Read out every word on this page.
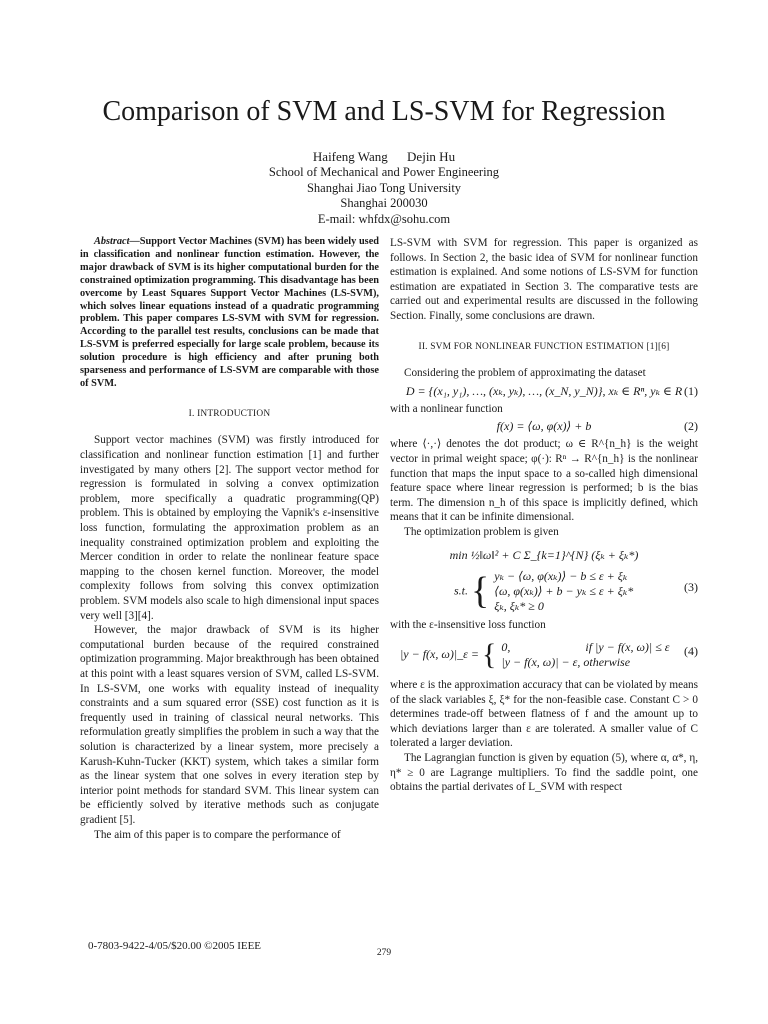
Comparison of SVM and LS-SVM for Regression
Haifeng Wang Dejin Hu
School of Mechanical and Power Engineering
Shanghai Jiao Tong University
Shanghai 200030
E-mail: whfdx@sohu.com
Abstract—Support Vector Machines (SVM) has been widely used in classification and nonlinear function estimation. However, the major drawback of SVM is its higher computational burden for the constrained optimization programming. This disadvantage has been overcome by Least Squares Support Vector Machines (LS-SVM), which solves linear equations instead of a quadratic programming problem. This paper compares LS-SVM with SVM for regression. According to the parallel test results, conclusions can be made that LS-SVM is preferred especially for large scale problem, because its solution procedure is high efficiency and after pruning both sparseness and performance of LS-SVM are comparable with those of SVM.
I. INTRODUCTION
Support vector machines (SVM) was firstly introduced for classification and nonlinear function estimation [1] and further investigated by many others [2]. The support vector method for regression is formulated in solving a convex optimization problem, more specifically a quadratic programming(QP) problem. This is obtained by employing the Vapnik's ε-insensitive loss function, formulating the approximation problem as an inequality constrained optimization problem and exploiting the Mercer condition in order to relate the nonlinear feature space mapping to the chosen kernel function. Moreover, the model complexity follows from solving this convex optimization problem. SVM models also scale to high dimensional input spaces very well [3][4].
However, the major drawback of SVM is its higher computational burden because of the required constrained optimization programming. Major breakthrough has been obtained at this point with a least squares version of SVM, called LS-SVM. In LS-SVM, one works with equality instead of inequality constraints and a sum squared error (SSE) cost function as it is frequently used in training of classical neural networks. This reformulation greatly simplifies the problem in such a way that the solution is characterized by a linear system, more precisely a Karush-Kuhn-Tucker (KKT) system, which takes a similar form as the linear system that one solves in every iteration step by interior point methods for standard SVM. This linear system can be efficiently solved by iterative methods such as conjugate gradient [5].
The aim of this paper is to compare the performance of
LS-SVM with SVM for regression. This paper is organized as follows. In Section 2, the basic idea of SVM for nonlinear function estimation is explained. And some notions of LS-SVM for function estimation are expatiated in Section 3. The comparative tests are carried out and experimental results are discussed in the following Section. Finally, some conclusions are drawn.
II. SVM FOR NONLINEAR FUNCTION ESTIMATION [1][6]
Considering the problem of approximating the dataset
D = {(x₁, y₁), …, (xₖ, yₖ), …, (x_N, y_N)}, xₖ ∈ Rⁿ, yₖ ∈ R (1)
with a nonlinear function
f(x) = ⟨ω, φ(x)⟩ + b	(2)
where ⟨·,·⟩ denotes the dot product; ω ∈ R^{n_h} is the weight vector in primal weight space; φ(·): Rⁿ → R^{n_h} is the nonlinear function that maps the input space to a so-called high dimensional feature space where linear regression is performed; b is the bias term. The dimension n_h of this space is implicitly defined, which means that it can be infinite dimensional.
The optimization problem is given
min ½‖ω‖² + C Σ_{k=1}^{N} (ξₖ + ξₖ*)
s.t. { yₖ − ⟨ω, φ(xₖ)⟩ − b ≤ ε + ξₖ
⟨ω, φ(xₖ)⟩ + b − yₖ ≤ ε + ξₖ*
ξₖ, ξₖ* ≥ 0
(3)
with the ε-insensitive loss function
|y − f(x, ω)|_ε = { 0,                         if |y − f(x, ω)| ≤ ε
|y − f(x, ω)| − ε, otherwise
(4)
where ε is the approximation accuracy that can be violated by means of the slack variables ξ, ξ* for the non-feasible case. Constant C > 0 determines trade-off between flatness of f and the amount up to which deviations larger than ε are tolerated. A smaller value of C tolerated a larger deviation.
The Lagrangian function is given by equation (5), where α, α*, η, η* ≥ 0 are Lagrange multipliers. To find the saddle point, one obtains the partial derivates of L_SVM with respect
0-7803-9422-4/05/$20.00 ©2005 IEEE
279
